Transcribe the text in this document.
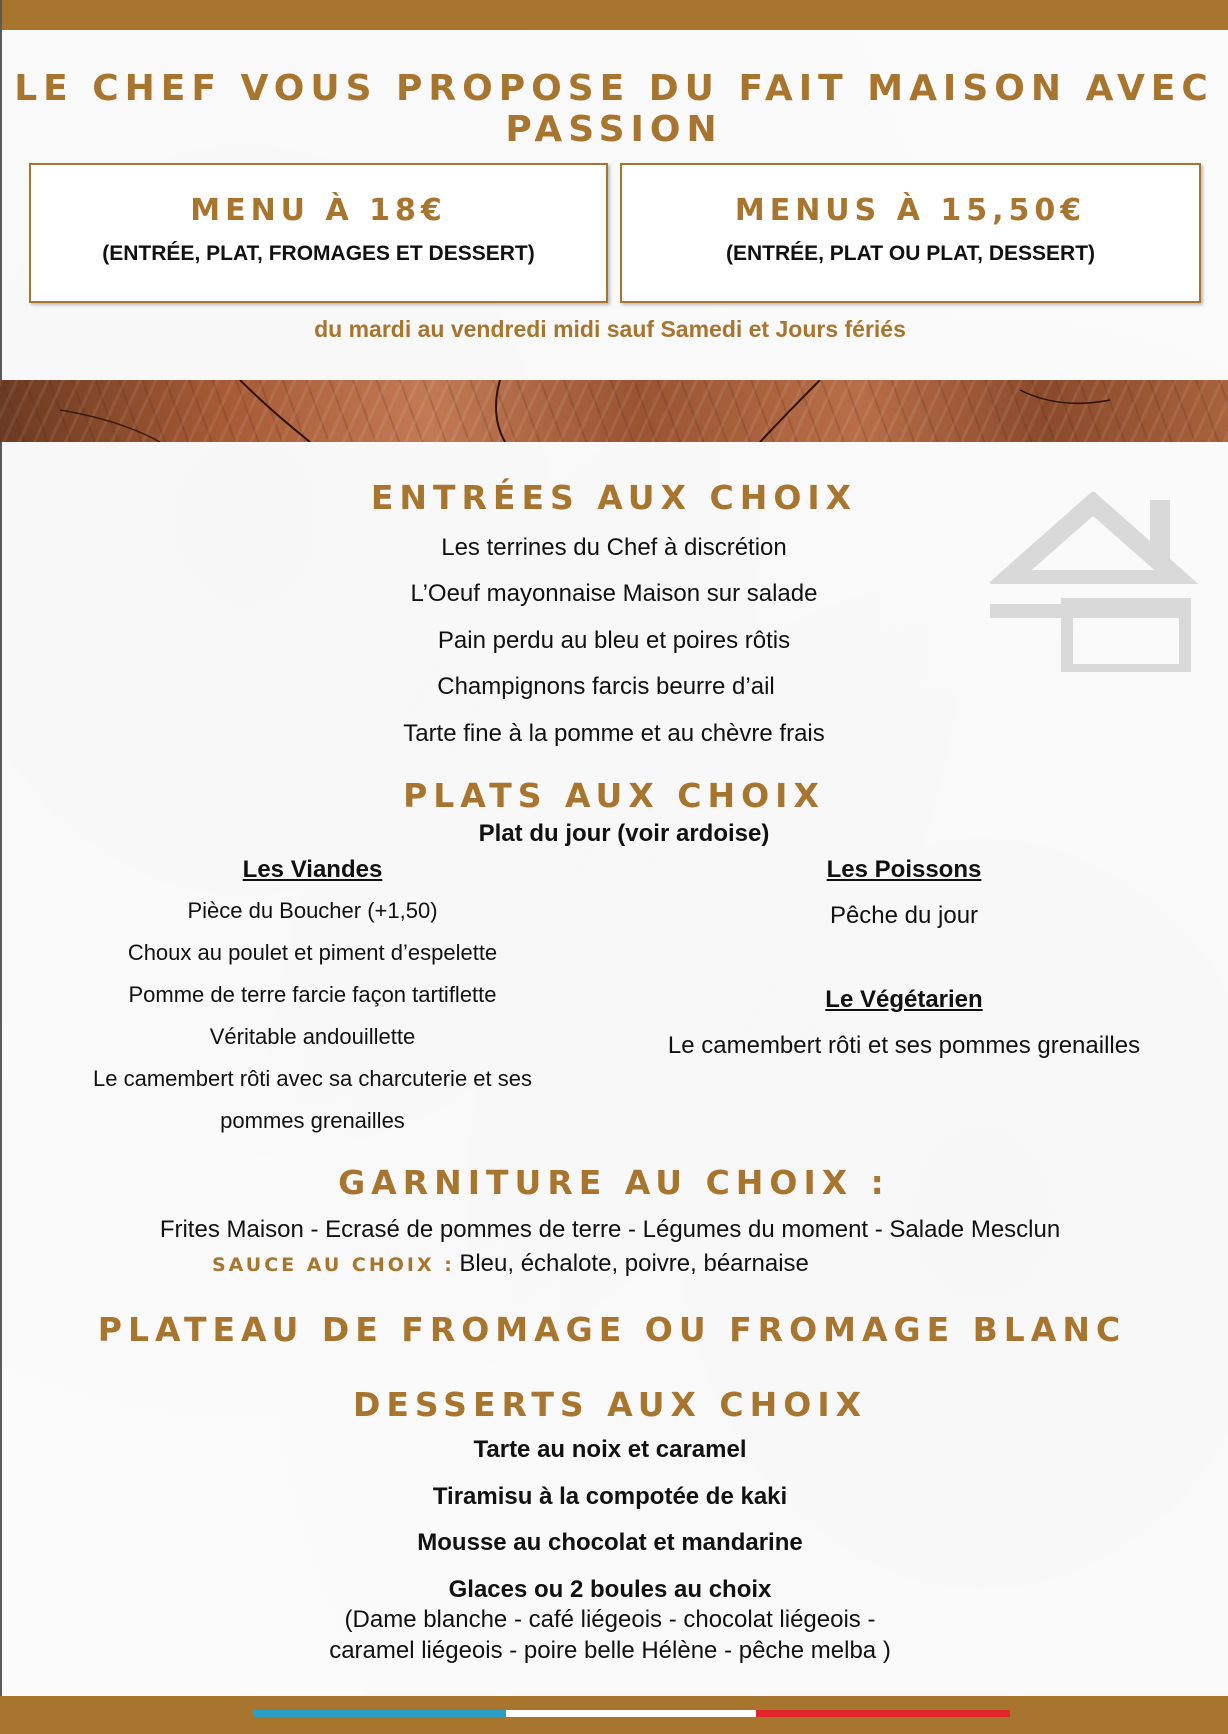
LE CHEF VOUS PROPOSE DU FAIT MAISON AVEC PASSION
MENU À 18€
(ENTRÉE, PLAT, FROMAGES ET DESSERT)
MENUS À 15,50€
(ENTRÉE, PLAT OU PLAT, DESSERT)
du mardi au vendredi midi sauf Samedi et Jours fériés
ENTRÉES AUX CHOIX
Les terrines du Chef à discrétion
L’Oeuf mayonnaise Maison sur salade
Pain perdu au bleu et poires rôtis
Champignons farcis beurre d’ail
Tarte fine à la pomme et au chèvre frais
PLATS AUX CHOIX
Plat du jour (voir ardoise)
Les Viandes
Pièce du Boucher (+1,50)
Choux au poulet et piment d’espelette
Pomme de terre farcie façon tartiflette
Véritable andouillette
Le camembert rôti avec sa charcuterie et ses
pommes grenailles
Les Poissons
Pêche du jour
Le Végétarien
Le camembert rôti et ses pommes grenailles
GARNITURE AU CHOIX :
Frites Maison - Ecrasé de pommes de terre - Légumes du moment - Salade Mesclun
SAUCE AU CHOIX : Bleu, échalote, poivre, béarnaise
PLATEAU DE FROMAGE OU FROMAGE BLANC
DESSERTS AUX CHOIX
Tarte au noix et caramel
Tiramisu à la compotée de kaki
Mousse au chocolat et mandarine
Glaces ou 2 boules au choix
(Dame blanche - café liégeois - chocolat liégeois -
caramel liégeois - poire belle Hélène - pêche melba )
